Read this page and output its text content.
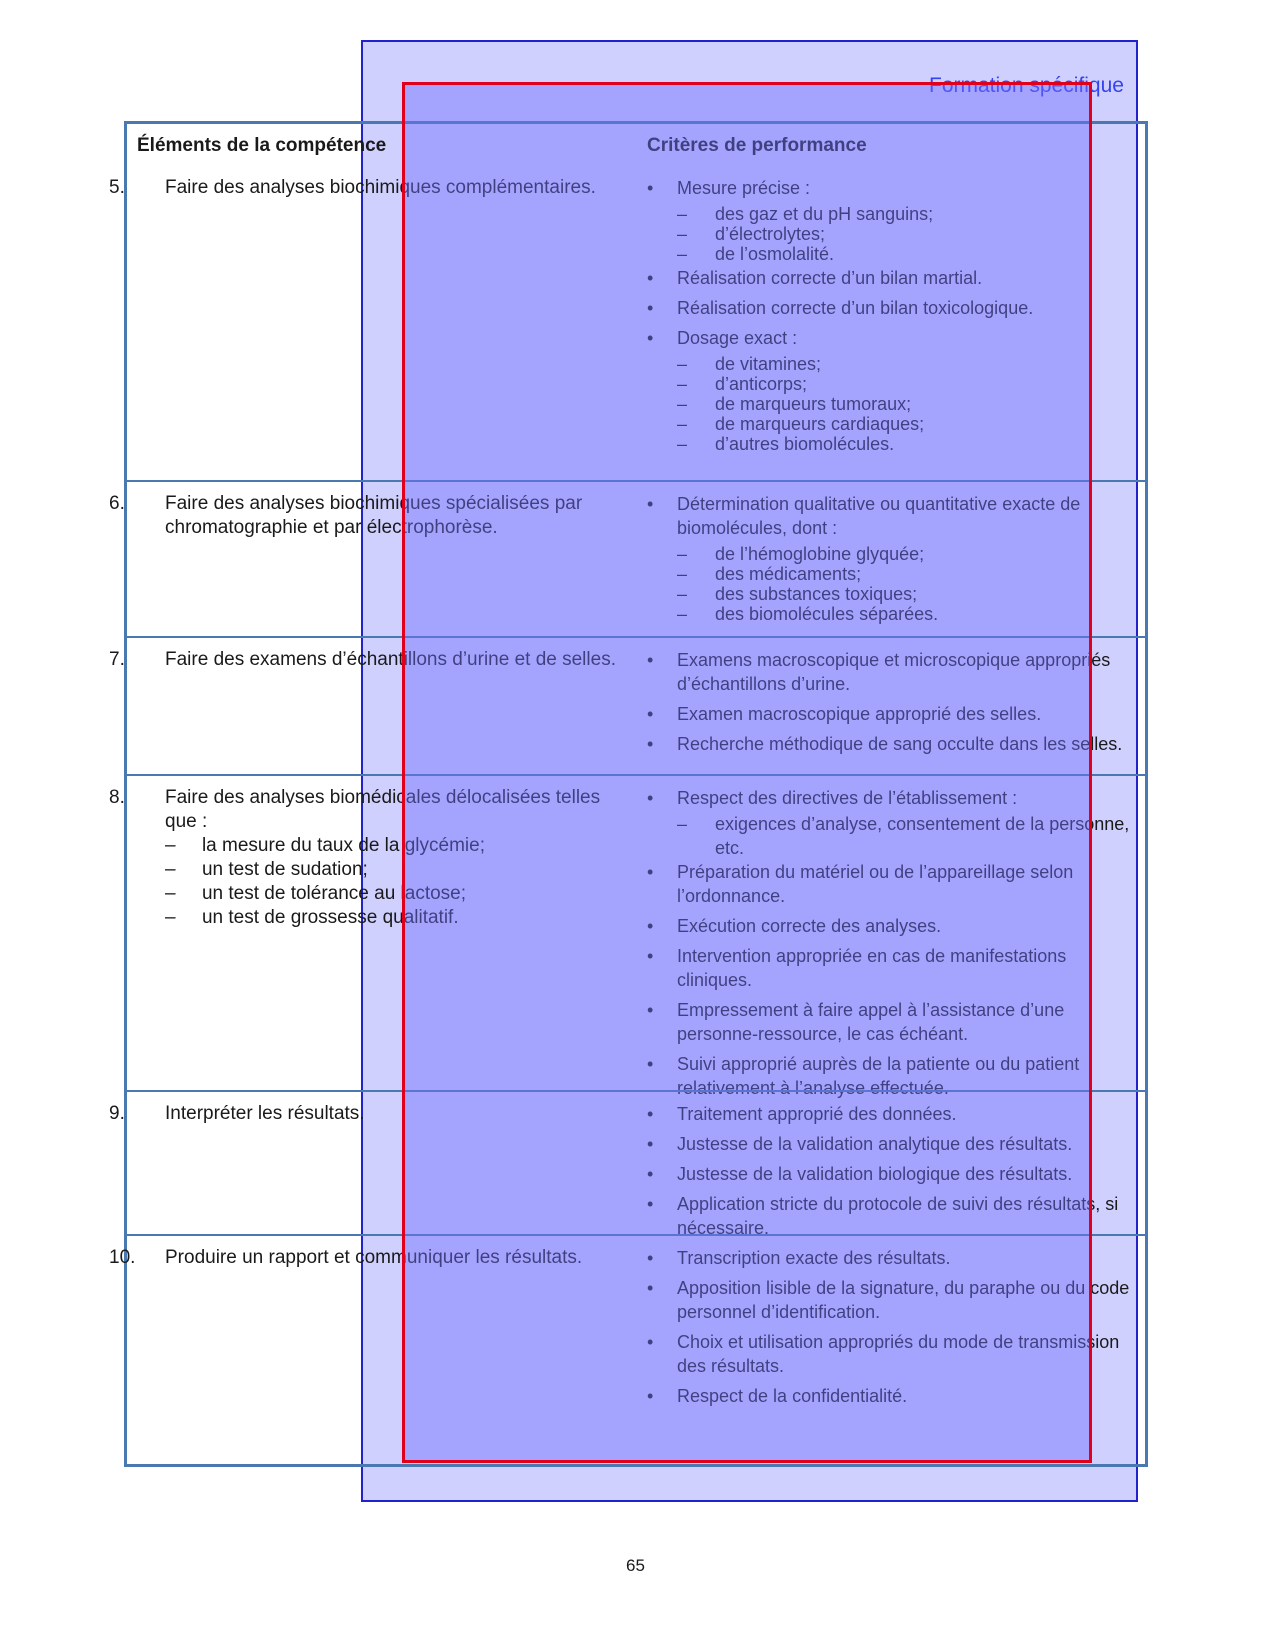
Formation spécifique
Éléments de la compétence	Critères de performance
5. Faire des analyses biochimiques complémentaires.	• Mesure précise :
– des gaz et du pH sanguins;
– d’électrolytes;
– de l’osmolalité.
• Réalisation correcte d’un bilan martial.
• Réalisation correcte d’un bilan toxicologique.
• Dosage exact :
– de vitamines;
– d’anticorps;
– de marqueurs tumoraux;
– de marqueurs cardiaques;
– d’autres biomolécules.
6. Faire des analyses biochimiques spécialisées par chromatographie et par électrophorèse.
• Détermination qualitative ou quantitative exacte de biomolécules, dont :
– de l’hémoglobine glyquée;
– des médicaments;
– des substances toxiques;
– des biomolécules séparées.
7. Faire des examens d’échantillons d’urine et de selles.	• Examens macroscopique et microscopique appropriés d’échantillons d’urine.
• Examen macroscopique approprié des selles.
• Recherche méthodique de sang occulte dans les selles.
8. Faire des analyses biomédicales délocalisées telles que :
–     la mesure du taux de la glycémie;
–     un test de sudation;
–     un test de tolérance au lactose;
–     un test de grossesse qualitatif.
• Respect des directives de l’établissement :
– exigences d’analyse, consentement de la personne, etc.
• Préparation du matériel ou de l’appareillage selon l’ordonnance.
• Exécution correcte des analyses.
• Intervention appropriée en cas de manifestations cliniques.
• Empressement à faire appel à l’assistance d’une personne-ressource, le cas échéant.
• Suivi approprié auprès de la patiente ou du patient relativement à l’analyse effectuée.
9. Interpréter les résultats.	• Traitement approprié des données.
• Justesse de la validation analytique des résultats.
• Justesse de la validation biologique des résultats.
• Application stricte du protocole de suivi des résultats, si nécessaire.
10. Produire un rapport et communiquer les résultats.	• Transcription exacte des résultats.
• Apposition lisible de la signature, du paraphe ou du code personnel d’identification.
• Choix et utilisation appropriés du mode de transmission des résultats.
• Respect de la confidentialité.
65
